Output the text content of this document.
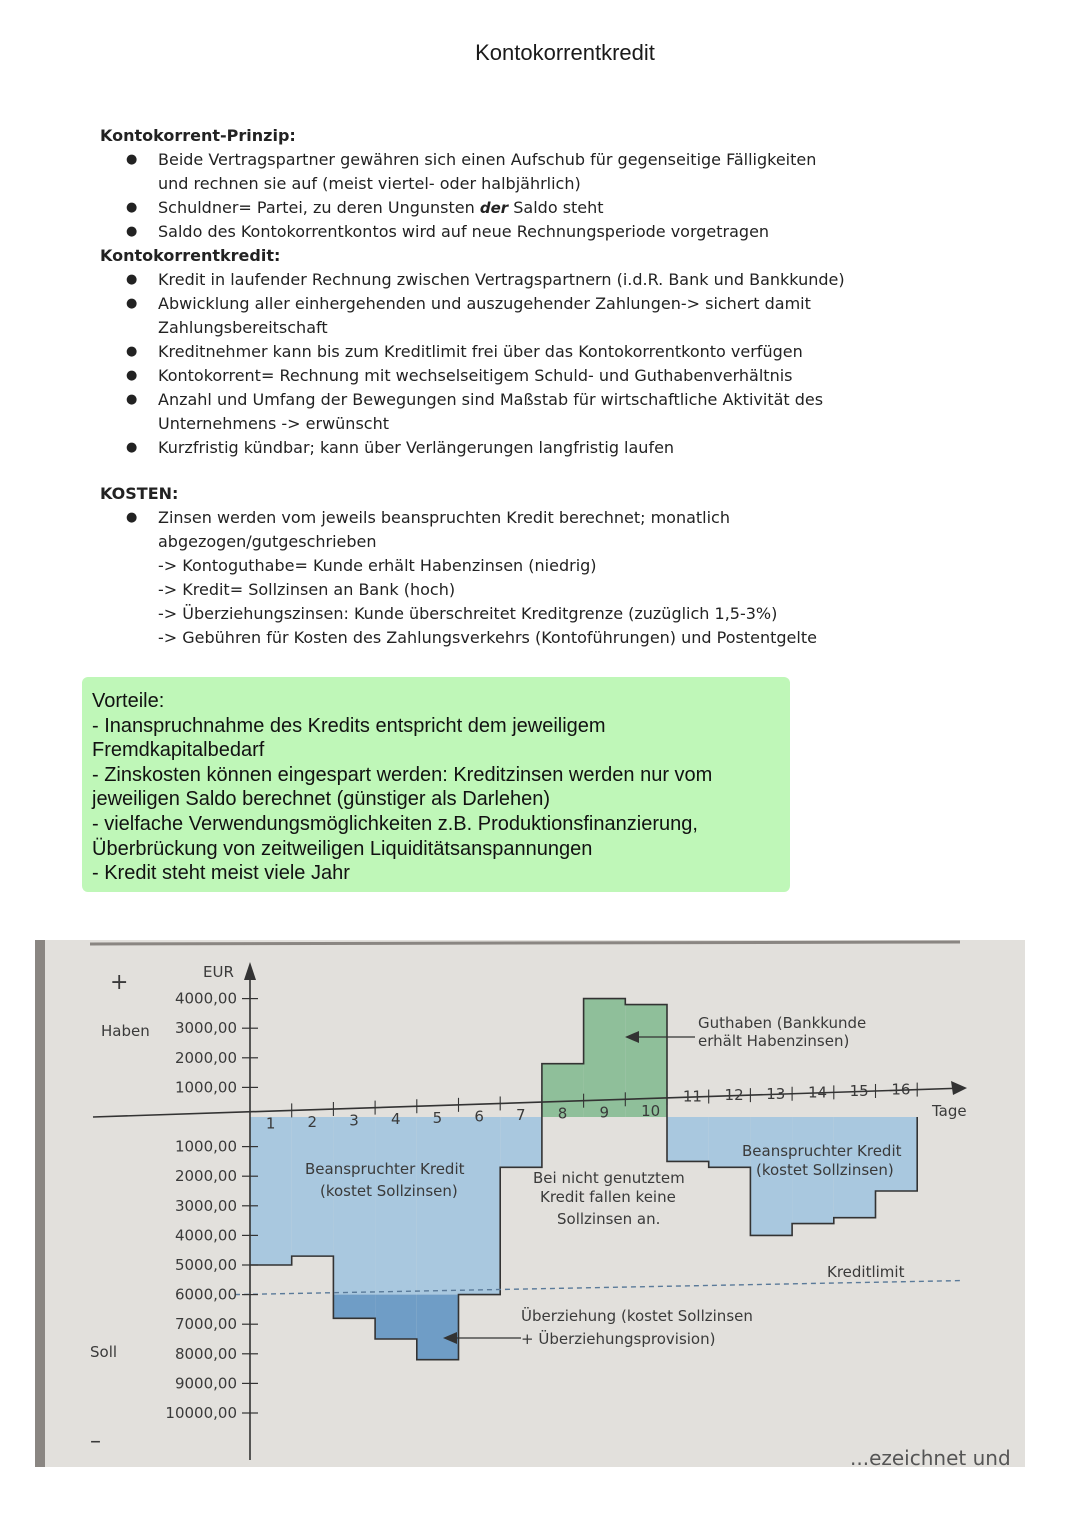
Kontokorrentkredit
Kontokorrent-Prinzip:
● Beide Vertragspartner gewähren sich einen Aufschub für gegenseitige Fälligkeiten
und rechnen sie auf (meist viertel- oder halbjährlich)
● Schuldner= Partei, zu deren Ungunsten der Saldo steht
● Saldo des Kontokorrentkontos wird auf neue Rechnungsperiode vorgetragen
Kontokorrentkredit:
● Kredit in laufender Rechnung zwischen Vertragspartnern (i.d.R. Bank und Bankkunde)
● Abwicklung aller einhergehenden und auszugehender Zahlungen-> sichert damit
Zahlungsbereitschaft
● Kreditnehmer kann bis zum Kreditlimit frei über das Kontokorrentkonto verfügen
● Kontokorrent= Rechnung mit wechselseitigem Schuld- und Guthabenverhältnis
● Anzahl und Umfang der Bewegungen sind Maßstab für wirtschaftliche Aktivität des
Unternehmens -> erwünscht
● Kurzfristig kündbar; kann über Verlängerungen langfristig laufen
KOSTEN:
● Zinsen werden vom jeweils beanspruchten Kredit berechnet; monatlich
abgezogen/gutgeschrieben
-> Kontoguthabe= Kunde erhält Habenzinsen (niedrig)
-> Kredit= Sollzinsen an Bank (hoch)
-> Überziehungszinsen: Kunde überschreitet Kreditgrenze (zuzüglich 1,5-3%)
-> Gebühren für Kosten des Zahlungsverkehrs (Kontoführungen) und Postentgelte
Vorteile:
- Inanspruchnahme des Kredits entspricht dem jeweiligem
Fremdkapitalbedarf
- Zinskosten können eingespart werden: Kreditzinsen werden nur vom
jeweiligen Saldo berechnet (günstiger als Darlehen)
- vielfache Verwendungsmöglichkeiten z.B. Produktionsfinanzierung,
Überbrückung von zeitweiligen Liquiditätsanspannungen
- Kredit steht meist viele Jahr
4000,00
3000,00
2000,00
1000,00
1000,00
2000,00
3000,00
4000,00
5000,00
6000,00
7000,00
8000,00
9000,00
10000,00
1 2 3 4 5 6 7 8 9 10
11 12 13 14 15 16
+
–
Haben
Soll
EUR
Tage
Guthaben (Bankkunde
erhält Habenzinsen)
Beanspruchter Kredit
(kostet Sollzinsen)
Bei nicht genutztem
Kredit fallen keine
Sollzinsen an.
Beanspruchter Kredit
(kostet Sollzinsen)
Überziehung (kostet Sollzinsen
+ Überziehungsprovision)
Kreditlimit
...ezeichnet und
